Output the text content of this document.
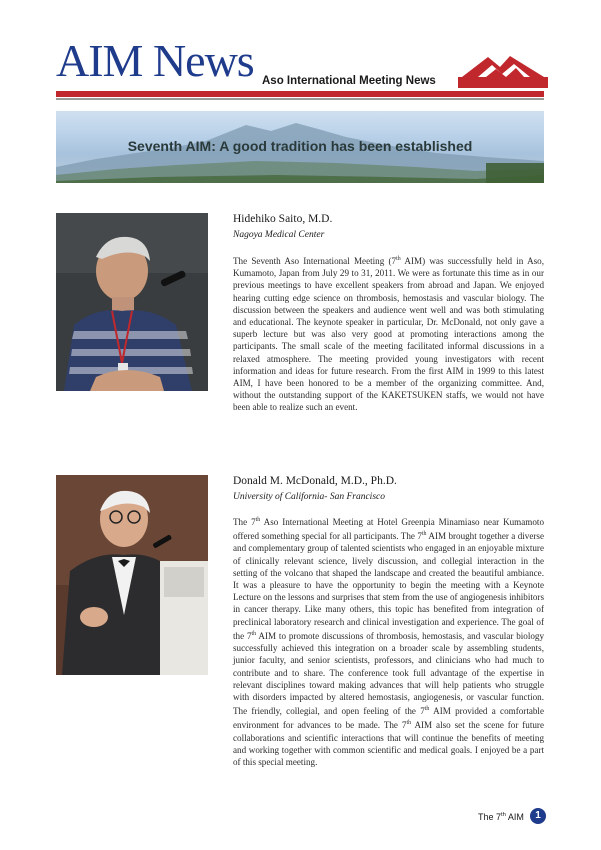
AIM News Aso International Meeting News
Seventh AIM: A good tradition has been established
Hidehiko Saito, M.D.
Nagoya Medical Center

The Seventh Aso International Meeting (7th AIM) was successfully held in Aso, Kumamoto, Japan from July 29 to 31, 2011. We were as fortunate this time as in our previous meetings to have excellent speakers from abroad and Japan. We enjoyed hearing cutting edge science on thrombosis, hemostasis and vascular biology. The discussion between the speakers and audience went well and was both stimulating and educational. The keynote speaker in particular, Dr. McDonald, not only gave a superb lecture but was also very good at promoting interactions among the participants. The small scale of the meeting facilitated informal discussions in a relaxed atmosphere. The meeting provided young investigators with recent information and ideas for future research. From the first AIM in 1999 to this latest AIM, I have been honored to be a member of the organizing committee. And, without the outstanding support of the KAKETSUKEN staffs, we would not have been able to realize such an event.

Donald M. McDonald, M.D., Ph.D.
University of California- San Francisco

The 7th Aso International Meeting at Hotel Greenpia Minamiaso near Kumamoto offered something special for all participants. The 7th AIM brought together a diverse and complementary group of talented scientists who engaged in an enjoyable mixture of clinically relevant science, lively discussion, and collegial interaction in the setting of the volcano that shaped the landscape and created the beautiful ambiance. It was a pleasure to have the opportunity to begin the meeting with a Keynote Lecture on the lessons and surprises that stem from the use of angiogenesis inhibitors in cancer therapy. Like many others, this topic has benefited from integration of preclinical laboratory research and clinical investigation and experience. The goal of the 7th AIM to promote discussions of thrombosis, hemostasis, and vascular biology successfully achieved this integration on a broader scale by assembling students, junior faculty, and senior scientists, professors, and clinicians who had much to contribute and to share. The conference took full advantage of the expertise in relevant disciplines toward making advances that will help patients who struggle with disorders impacted by altered hemostasis, angiogenesis, or vascular function. The friendly, collegial, and open feeling of the 7th AIM provided a comfortable environment for advances to be made. The 7th AIM also set the scene for future collaborations and scientific interactions that will continue the benefits of meeting and working together with common scientific and medical goals. I enjoyed be a part of this special meeting.

The 7th AIM	1
